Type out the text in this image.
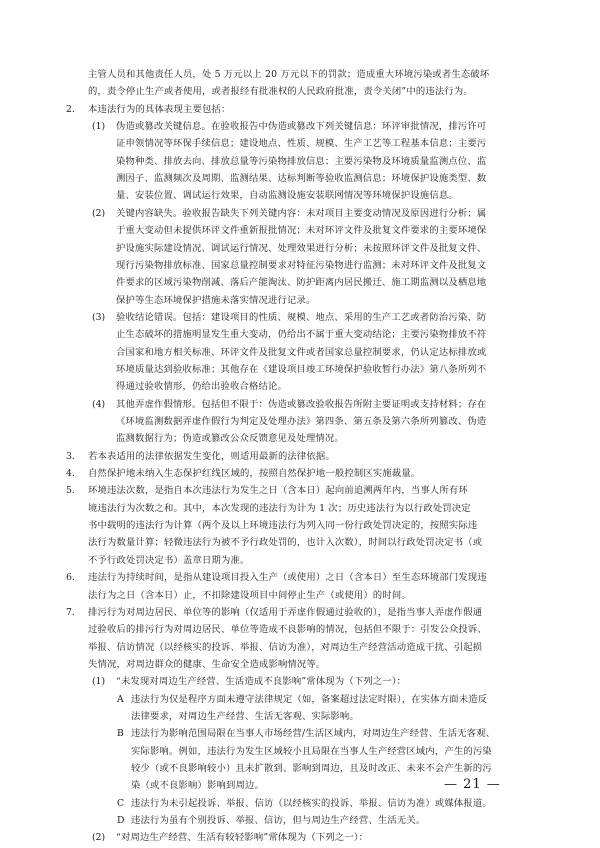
主管人员和其他责任人员，处 5 万元以上 20 万元以下的罚款；造成重大环境污染或者生态破坏
的，责令停止生产或者使用，或者报经有批准权的人民政府批准，责令关闭”中的违法行为。
2. 本违法行为的具体表现主要包括：
(1) 伪造或篡改关键信息。在验收报告中伪造或篡改下列关键信息：环评审批情况，排污许可
证申领情况等环保手续信息；建设地点、性质、规模、生产工艺等工程基本信息；主要污
染物种类、排放去向、排放总量等污染物排放信息；主要污染物及环境质量监测点位、监
测因子、监测频次及周期、监测结果、达标判断等验收监测信息；环境保护设施类型、数
量、安装位置、调试运行效果，自动监测设施安装联网情况等环境保护设施信息。
(2) 关键内容缺失。验收报告缺失下列关键内容：未对项目主要变动情况及原因进行分析；属
于重大变动但未提供环评文件重新报批情况；未对环评文件及批复文件要求的主要环境保
护设施实际建设情况、调试运行情况、处理效果进行分析；未按照环评文件及批复文件、
现行污染物排放标准、国家总量控制要求对特征污染物进行监测；未对环评文件及批复文
件要求的区域污染物削减、落后产能淘汰、防护距离内居民搬迁、施工期监测以及栖息地
保护等生态环境保护措施未落实情况进行记录。
(3) 验收结论错误。包括：建设项目的性质、规模、地点、采用的生产工艺或者防治污染、防
止生态破坏的措施明显发生重大变动，仍给出不属于重大变动结论；主要污染物排放不符
合国家和地方相关标准、环评文件及批复文件或者国家总量控制要求，仍认定达标排放或
环境质量达到验收标准；其他存在《建设项目竣工环境保护验收暂行办法》第八条所列不
得通过验收情形，仍给出验收合格结论。
(4) 其他弄虚作假情形。包括但不限于：伪造或篡改验收报告所附主要证明或支持材料；存在
《环境监测数据弄虚作假行为判定及处理办法》第四条、第五条及第六条所列篡改、伪造
监测数据行为；伪造或篡改公众反馈意见及处理情况。
3. 若本表适用的法律依据发生变化，则适用最新的法律依据。
4. 自然保护地未纳入生态保护红线区域的，按照自然保护地一般控制区实施裁量。
5. 环境违法次数，是指自本次违法行为发生之日（含本日）起向前追溯两年内，当事人所有环
境违法行为次数之和。其中，本次发现的违法行为计为 1 次；历史违法行为以行政处罚决定
书中载明的违法行为计算（两个及以上环境违法行为列入同一份行政处罚决定的，按照实际违
法行为数量计算；轻微违法行为被不予行政处罚的，也计入次数），时间以行政处罚决定书（或
不予行政处罚决定书）盖章日期为准。
6. 违法行为持续时间，是指从建设项目投入生产（或使用）之日（含本日）至生态环境部门发现违
法行为之日（含本日）止，不扣除建设项目中间停止生产（或使用）的时间。
7. 排污行为对周边居民、单位等的影响（仅适用于弄虚作假通过验收的），是指当事人弄虚作假通
过验收后的排污行为对周边居民、单位等造成不良影响的情况，包括但不限于：引发公众投诉、
举报、信访情况（以经核实的投诉、举报、信访为准），对周边生产经营活动造成干扰、引起损
失情况，对周边群众的健康、生命安全造成影响情况等。
(1) “未发现对周边生产经营、生活造成不良影响”常体现为（下列之一）：
A 违法行为仅是程序方面未遵守法律规定（如，备案超过法定时限），在实体方面未造反
法律要求，对周边生产经营、生活无客观、实际影响。
B 违法行为影响范围局限在当事人市场经营/生活区域内，对周边生产经营、生活无客观、
实际影响。例如，违法行为发生区域较小且局限在当事人生产经营区域内，产生的污染
较少（或不良影响较小）且未扩散到、影响到周边，且及时改正、未来不会产生新的污
染（或不良影响）影响到周边。
C 违法行为未引起投诉、举报、信访（以经核实的投诉、举报、信访为准）或媒体报道。
D 违法行为虽有个别投诉、举报、信访，但与周边生产经营、生活无关。
(2) “对周边生产经营、生活有较轻影响”常体现为（下列之一）：
— 21 —
